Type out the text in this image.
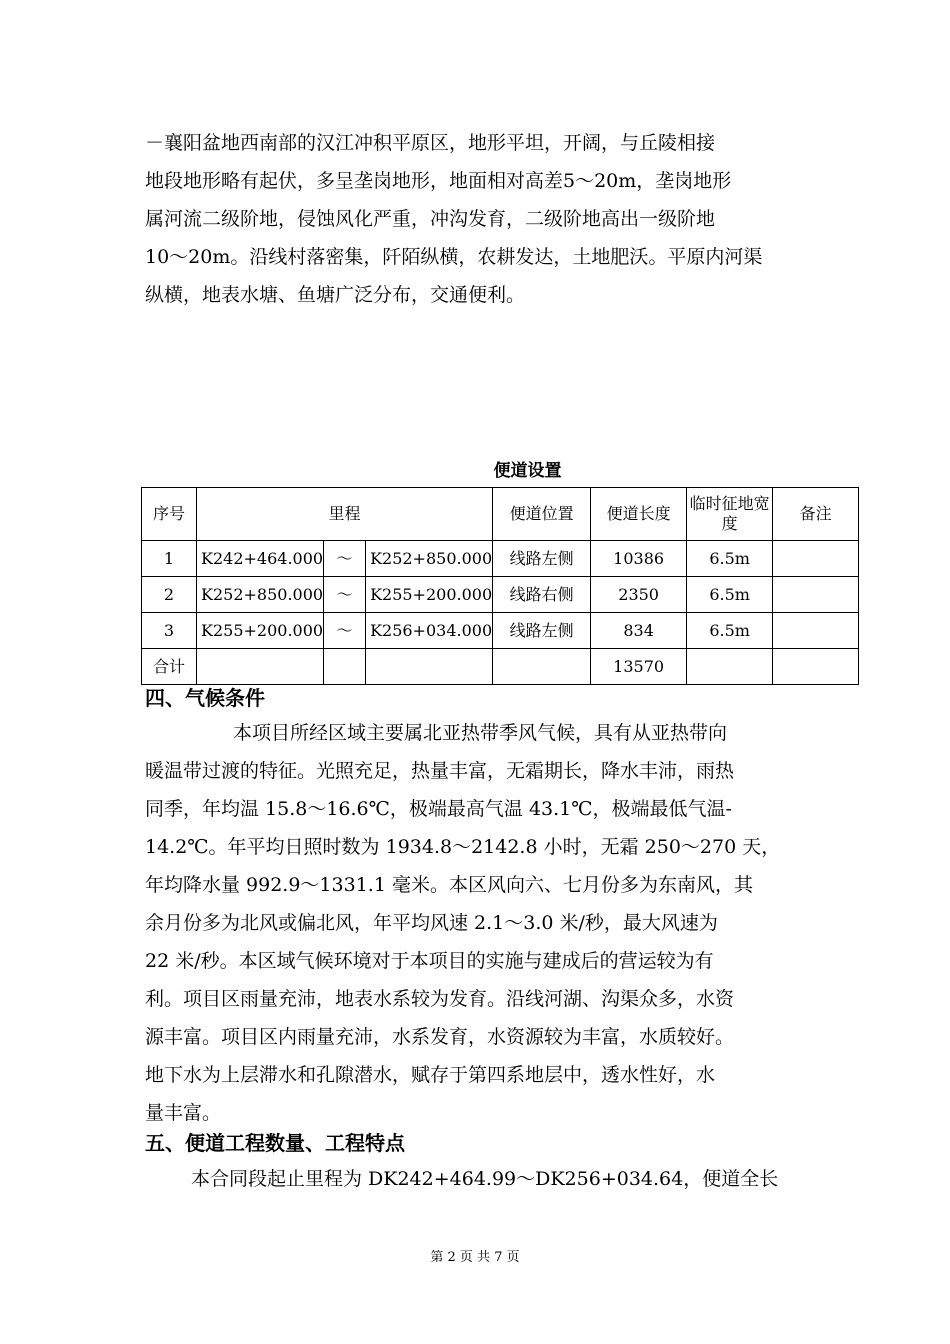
－襄阳盆地西南部的汉江冲积平原区，地形平坦，开阔，与丘陵相接

地段地形略有起伏，多呈垄岗地形，地面相对高差5～20m，垄岗地形

属河流二级阶地，侵蚀风化严重，冲沟发育，二级阶地高出一级阶地

10～20m。沿线村落密集，阡陌纵横，农耕发达，土地肥沃。平原内河渠

纵横，地表水塘、鱼塘广泛分布，交通便利。

便道设置
序号	里程			便道位置	便道长度	临时征地宽度	备注
1	K242+464.000	～	K252+850.000	线路左侧	10386	6.5m	
2	K252+850.000	～	K255+200.000	线路右侧	2350	6.5m	
3	K255+200.000	～	K256+034.000	线路左侧	834	6.5m	
合计					13570		
四、气候条件

本项目所经区域主要属北亚热带季风气候，具有从亚热带向

暖温带过渡的特征。光照充足，热量丰富，无霜期长，降水丰沛，雨热

同季，年均温 15.8～16.6℃，极端最高气温 43.1℃，极端最低气温-

14.2℃。年平均日照时数为 1934.8～2142.8 小时，无霜 250～270 天，

年均降水量 992.9～1331.1 毫米。本区风向六、七月份多为东南风，其

余月份多为北风或偏北风，年平均风速 2.1～3.0 米/秒，最大风速为

22 米/秒。本区域气候环境对于本项目的实施与建成后的营运较为有

利。项目区雨量充沛，地表水系较为发育。沿线河湖、沟渠众多，水资

源丰富。项目区内雨量充沛，水系发育，水资源较为丰富，水质较好。

地下水为上层滞水和孔隙潜水，赋存于第四系地层中，透水性好，水

量丰富。

五、便道工程数量、工程特点

本合同段起止里程为 DK242+464.99～DK256+034.64，便道全长

第 2 页 共 7 页
